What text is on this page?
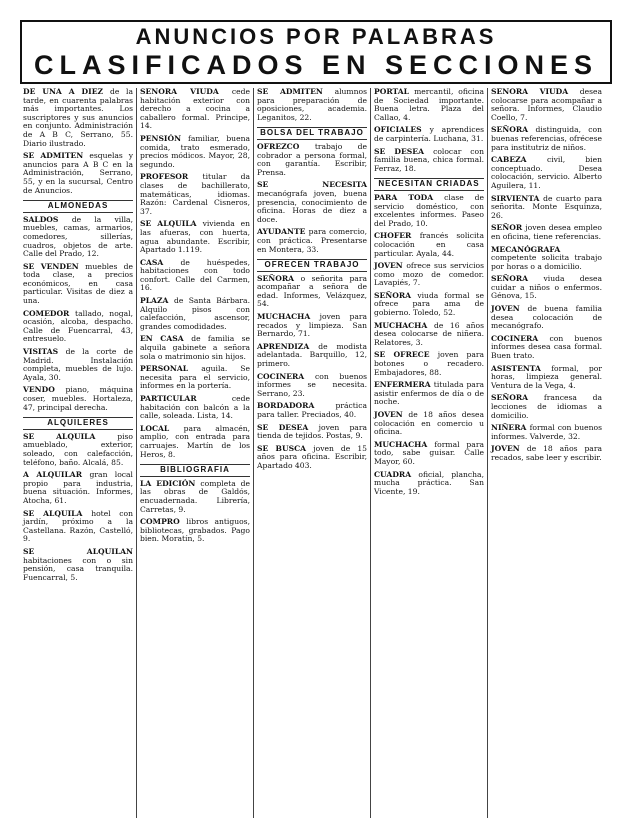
ANUNCIOS POR PALABRAS
CLASIFICADOS EN SECCIONES
DE UNA A DIEZ de la tarde, en cuarenta palabras más importantes. Los suscriptores y sus anuncios en conjunto. Administración de A B C, Serrano, 55. Diario ilustrado.
SE ADMITEN esquelas y anuncios para A B C en la Administración, Serrano, 55, y en la sucursal, Centro de Anuncios.
ALMONEDAS
SALDOS de la villa, muebles, camas, armarios, comedores, sillerías, cuadros, objetos de arte. Calle del Prado, 12.
SE VENDEN muebles de toda clase, a precios económicos, en casa particular. Visitas de diez a una.
COMEDOR tallado, nogal, ocasión, alcoba, despacho. Calle de Fuencarral, 43, entresuelo.
VISITAS de la corte de Madrid. Instalación completa, muebles de lujo. Ayala, 30.
VENDO piano, máquina coser, muebles. Hortaleza, 47, principal derecha.
ALQUILERES
SE ALQUILA piso amueblado, exterior, soleado, con calefacción, teléfono, baño. Alcalá, 85.
A ALQUILAR gran local propio para industria, buena situación. Informes, Atocha, 61.
SE ALQUILA hotel con jardín, próximo a la Castellana. Razón, Castelló, 9.
SE ALQUILAN habitaciones con o sin pensión, casa tranquila. Fuencarral, 5.
SEÑORA VIUDA cede habitación exterior con derecho a cocina a caballero formal. Principe, 14.
PENSIÓN familiar, buena comida, trato esmerado, precios módicos. Mayor, 28, segundo.
PROFESOR titular da clases de bachillerato, matemáticas, idiomas. Razón: Cardenal Cisneros, 37.
SE ALQUILA vivienda en las afueras, con huerta, agua abundante. Escribir, Apartado 1.119.
CASA de huéspedes, habitaciones con todo confort. Calle del Carmen, 16.
PLAZA de Santa Bárbara. Alquilo pisos con calefacción, ascensor, grandes comodidades.
EN CASA de familia se alquila gabinete a señora sola o matrimonio sin hijos.
PERSONAL aguila. Se necesita para el servicio, informes en la portería.
PARTICULAR cede habitación con balcón a la calle, soleada. Lista, 14.
LOCAL para almacén, amplio, con entrada para carruajes. Martín de los Heros, 8.
BIBLIOGRAFIA
LA EDICIÓN completa de las obras de Galdós, encuadernada. Librería, Carretas, 9.
COMPRO libros antiguos, bibliotecas, grabados. Pago bien. Moratín, 5.
SE ADMITEN alumnos para preparación de oposiciones, academia. Leganitos, 22.
BOLSA DEL TRABAJO
OFREZCO trabajo de cobrador a persona formal, con garantía. Escribir, Prensa.
SE NECESITA mecanógrafa joven, buena presencia, conocimiento de oficina. Horas de diez a doce.
AYUDANTE para comercio, con práctica. Presentarse en Montera, 33.
OFRECEN TRABAJO
SEÑORA o señorita para acompañar a señora de edad. Informes, Velázquez, 54.
MUCHACHA joven para recados y limpieza. San Bernardo, 71.
APRENDIZA de modista adelantada. Barquillo, 12, primero.
COCINERA con buenos informes se necesita. Serrano, 23.
BORDADORA práctica para taller. Preciados, 40.
SE DESEA joven para tienda de tejidos. Postas, 9.
SE BUSCA joven de 15 años para oficina. Escribir, Apartado 403.
PORTAL mercantil, oficina de Sociedad importante. Buena letra. Plaza del Callao, 4.
OFICIALES y aprendices de carpintería. Luchana, 31.
SE DESEA colocar con familia buena, chica formal. Ferraz, 18.
NECESITAN CRIADAS
PARA TODA clase de servicio doméstico, con excelentes informes. Paseo del Prado, 10.
CHOFER francés solicita colocación en casa particular. Ayala, 44.
JOVEN ofrece sus servicios como mozo de comedor. Lavapiés, 7.
SEÑORA viuda formal se ofrece para ama de gobierno. Toledo, 52.
MUCHACHA de 16 años desea colocarse de niñera. Relatores, 3.
SE OFRECE joven para botones o recadero. Embajadores, 88.
ENFERMERA titulada para asistir enfermos de día o de noche.
JOVEN de 18 años desea colocación en comercio u oficina.
MUCHACHA formal para todo, sabe guisar. Calle Mayor, 60.
CUADRA oficial, plancha, mucha práctica. San Vicente, 19.
SEÑORA VIUDA desea colocarse para acompañar a señora. Informes, Claudio Coello, 7.
SEÑORA distinguida, con buenas referencias, ofrécese para institutriz de niños.
CABEZA civil, bien conceptuado. Desea colocación, servicio. Alberto Aguilera, 11.
SIRVIENTA de cuarto para señorita. Monte Esquinza, 26.
SEÑOR joven desea empleo en oficina, tiene referencias.
MECANÓGRAFA competente solicita trabajo por horas o a domicilio.
SEÑORA viuda desea cuidar a niños o enfermos. Génova, 15.
JOVEN de buena familia desea colocación de mecanógrafo.
COCINERA con buenos informes desea casa formal. Buen trato.
ASISTENTA formal, por horas, limpieza general. Ventura de la Vega, 4.
SEÑORA francesa da lecciones de idiomas a domicilio.
NIÑERA formal con buenos informes. Valverde, 32.
JOVEN de 18 años para recados, sabe leer y escribir.
